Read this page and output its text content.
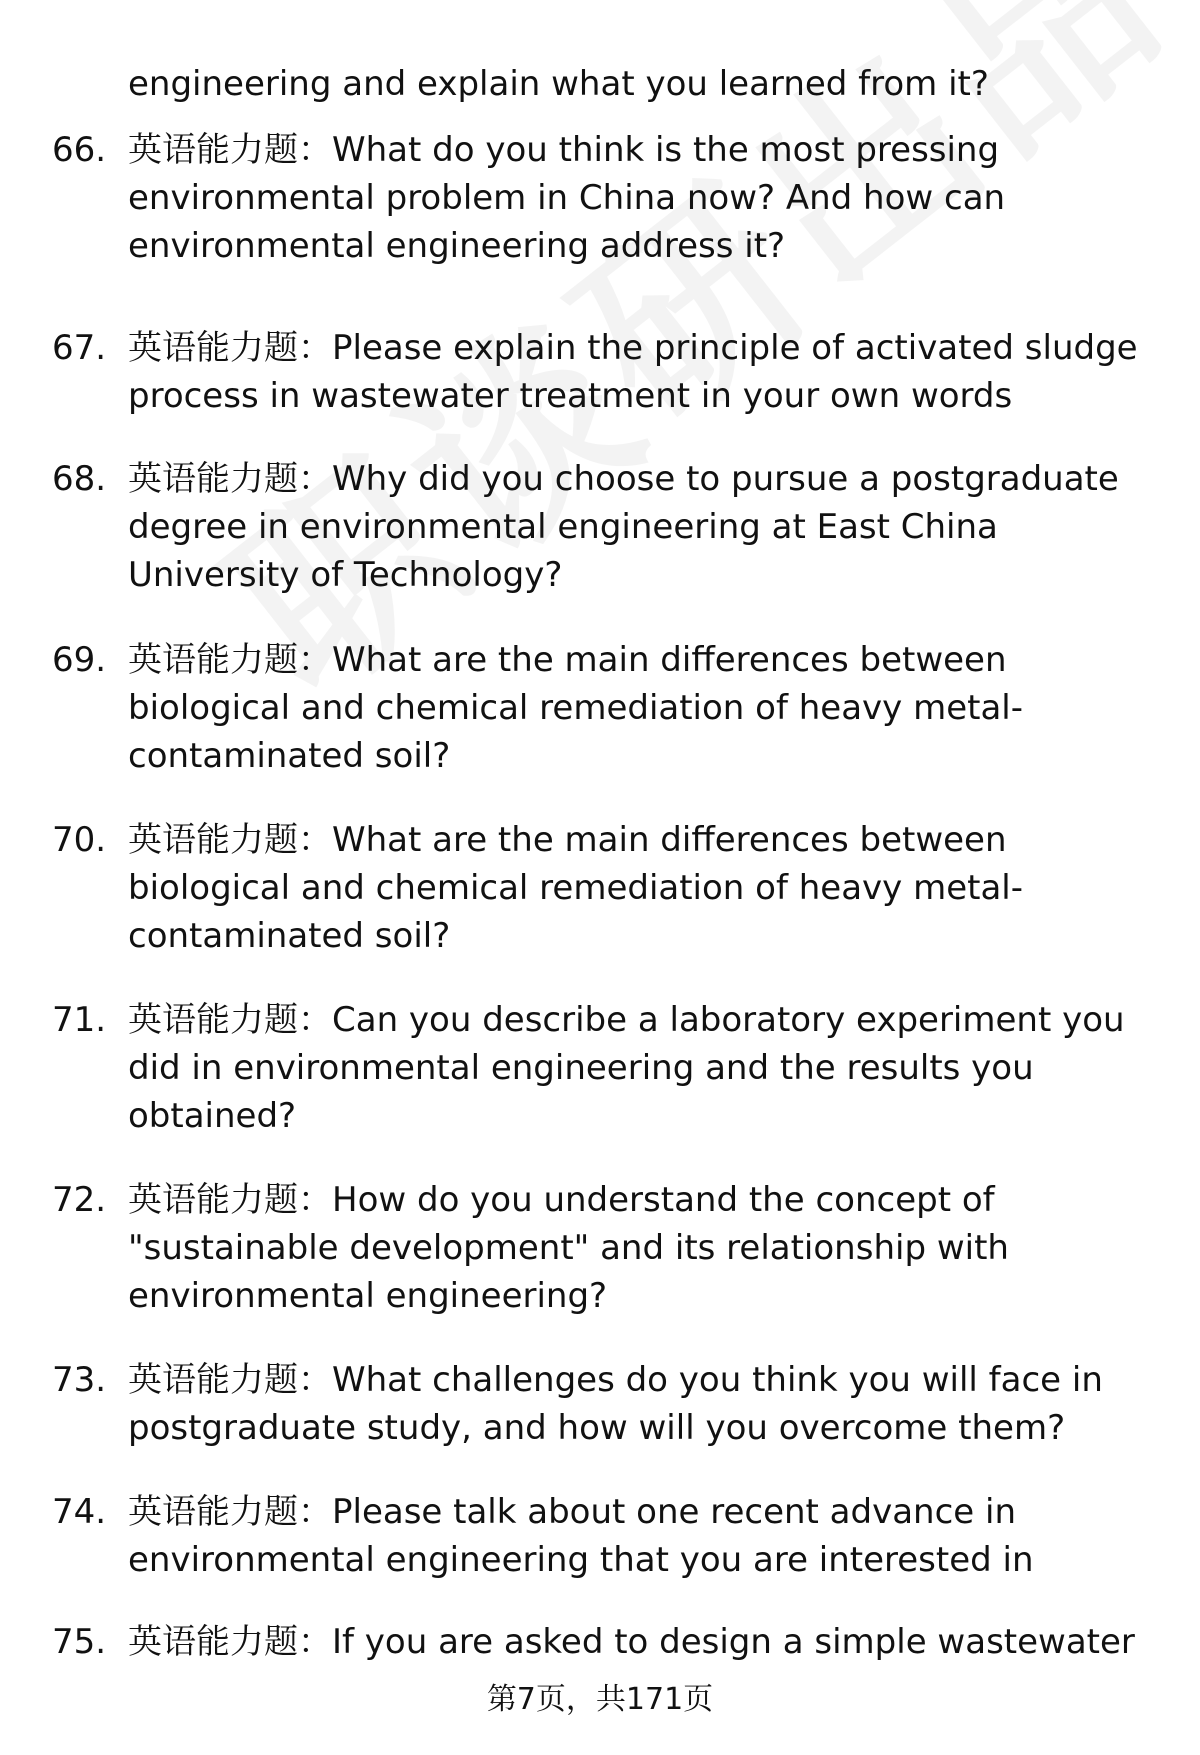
engineering and explain what you learned from it?
66. 英语能力题：What do you think is the most pressing
environmental problem in China now? And how can
environmental engineering address it?
67. 英语能力题：Please explain the principle of activated sludge
process in wastewater treatment in your own words
68. 英语能力题：Why did you choose to pursue a postgraduate
degree in environmental engineering at East China
University of Technology?
69. 英语能力题：What are the main differences between
biological and chemical remediation of heavy metal-
contaminated soil?
70. 英语能力题：What are the main differences between
biological and chemical remediation of heavy metal-
contaminated soil?
71. 英语能力题：Can you describe a laboratory experiment you
did in environmental engineering and the results you
obtained?
72. 英语能力题：How do you understand the concept of
"sustainable development" and its relationship with
environmental engineering?
73. 英语能力题：What challenges do you think you will face in
postgraduate study, and how will you overcome them?
74. 英语能力题：Please talk about one recent advance in
environmental engineering that you are interested in
75. 英语能力题：If you are asked to design a simple wastewater
第7页，共171页
